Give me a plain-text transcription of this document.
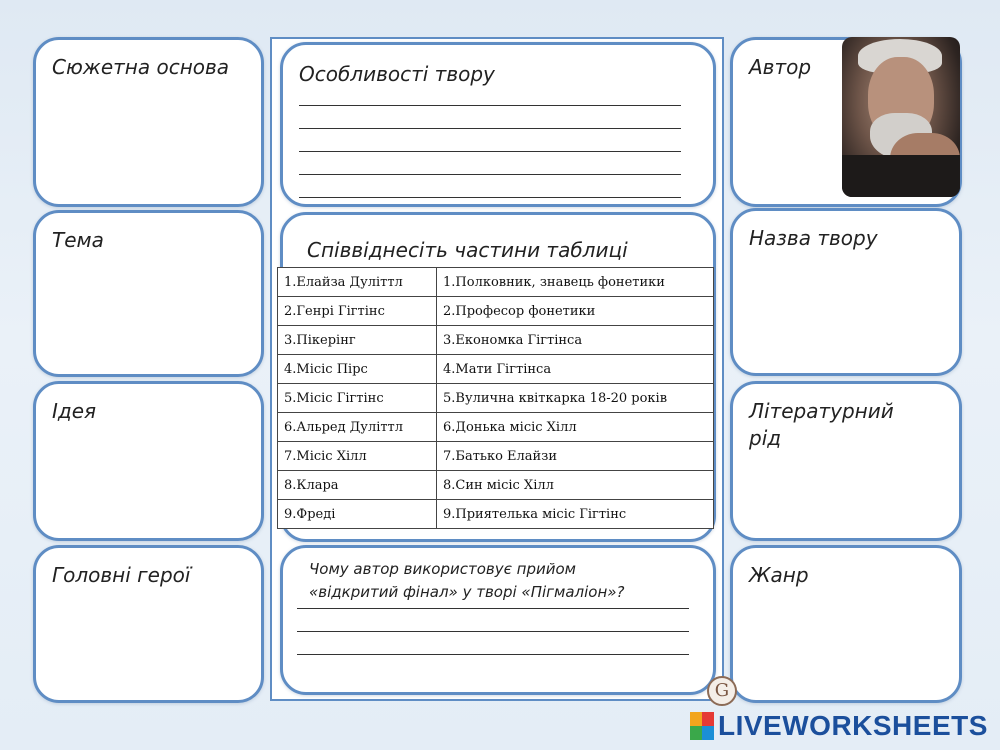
Сюжетна основа
Тема
Ідея
Головні герої
Автор
Назва твору
Літературний рід
Жанр
Особливості твору
Співвіднесіть частини таблиці
1.Елайза Дуліттл	1.Полковник, знавець фонетики
2.Генрі Гігтінс	2.Професор фонетики
3.Пікерінг	3.Економка Гігтінса
4.Місіс Пірс	4.Мати Гігтінса
5.Місіс Гігтінс	5.Вулична квіткарка 18-20 років
6.Альред Дуліттл	6.Донька місіс Хілл
7.Місіс Хілл	7.Батько Елайзи
8.Клара	8.Син місіс Хілл
9.Фреді	9.Приятелька місіс Гігтінс
Чому автор використовує прийом
«відкритий фінал» у творі «Пігмаліон»?
G
LIVEWORKSHEETS
